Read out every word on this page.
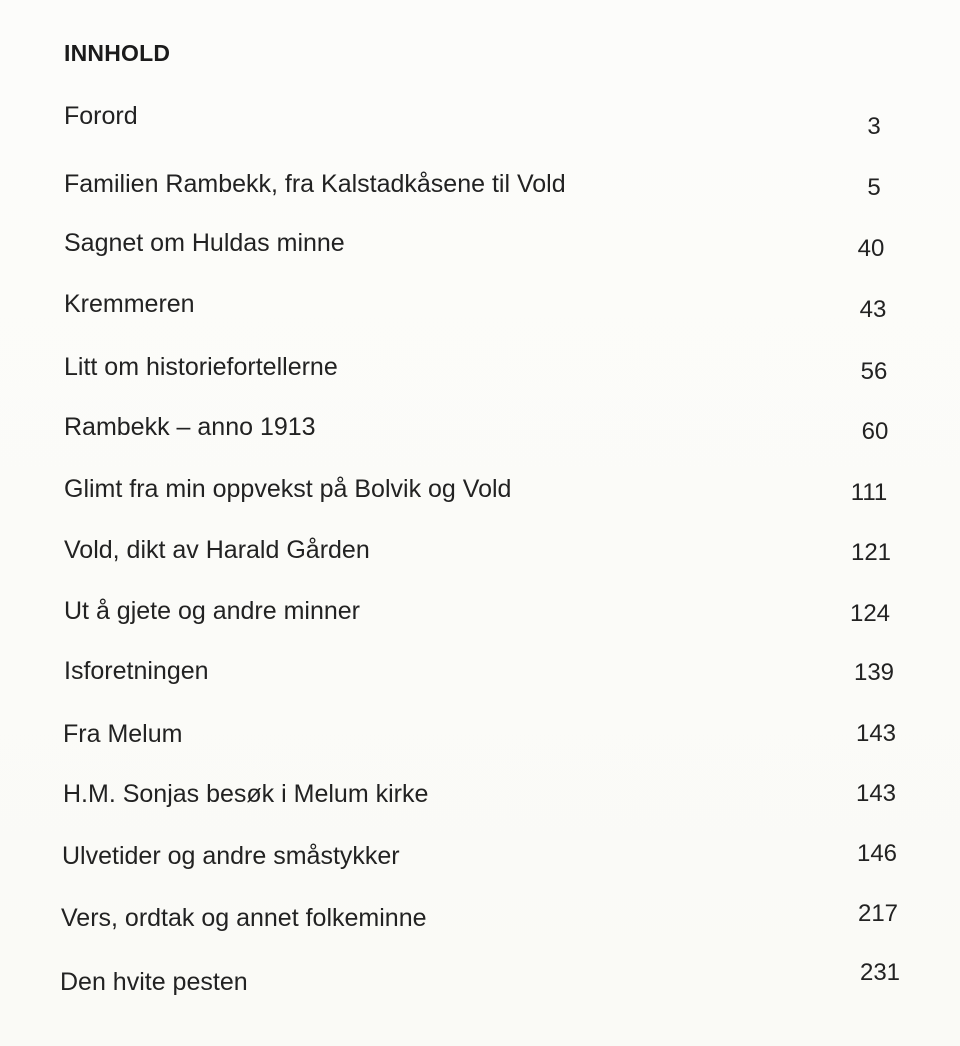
INNHOLD
Forord	3
Familien Rambekk, fra Kalstadkåsene til Vold	5
Sagnet om Huldas minne	40
Kremmeren	43
Litt om historiefortellerne	56
Rambekk – anno 1913	60
Glimt fra min oppvekst på Bolvik og Vold	111
Vold, dikt av Harald Gården	121
Ut å gjete og andre minner	124
Isforetningen	139
Fra Melum	143
H.M. Sonjas besøk i Melum kirke	143
Ulvetider og andre småstykker	146
Vers, ordtak og annet folkeminne	217
Den hvite pesten	231
